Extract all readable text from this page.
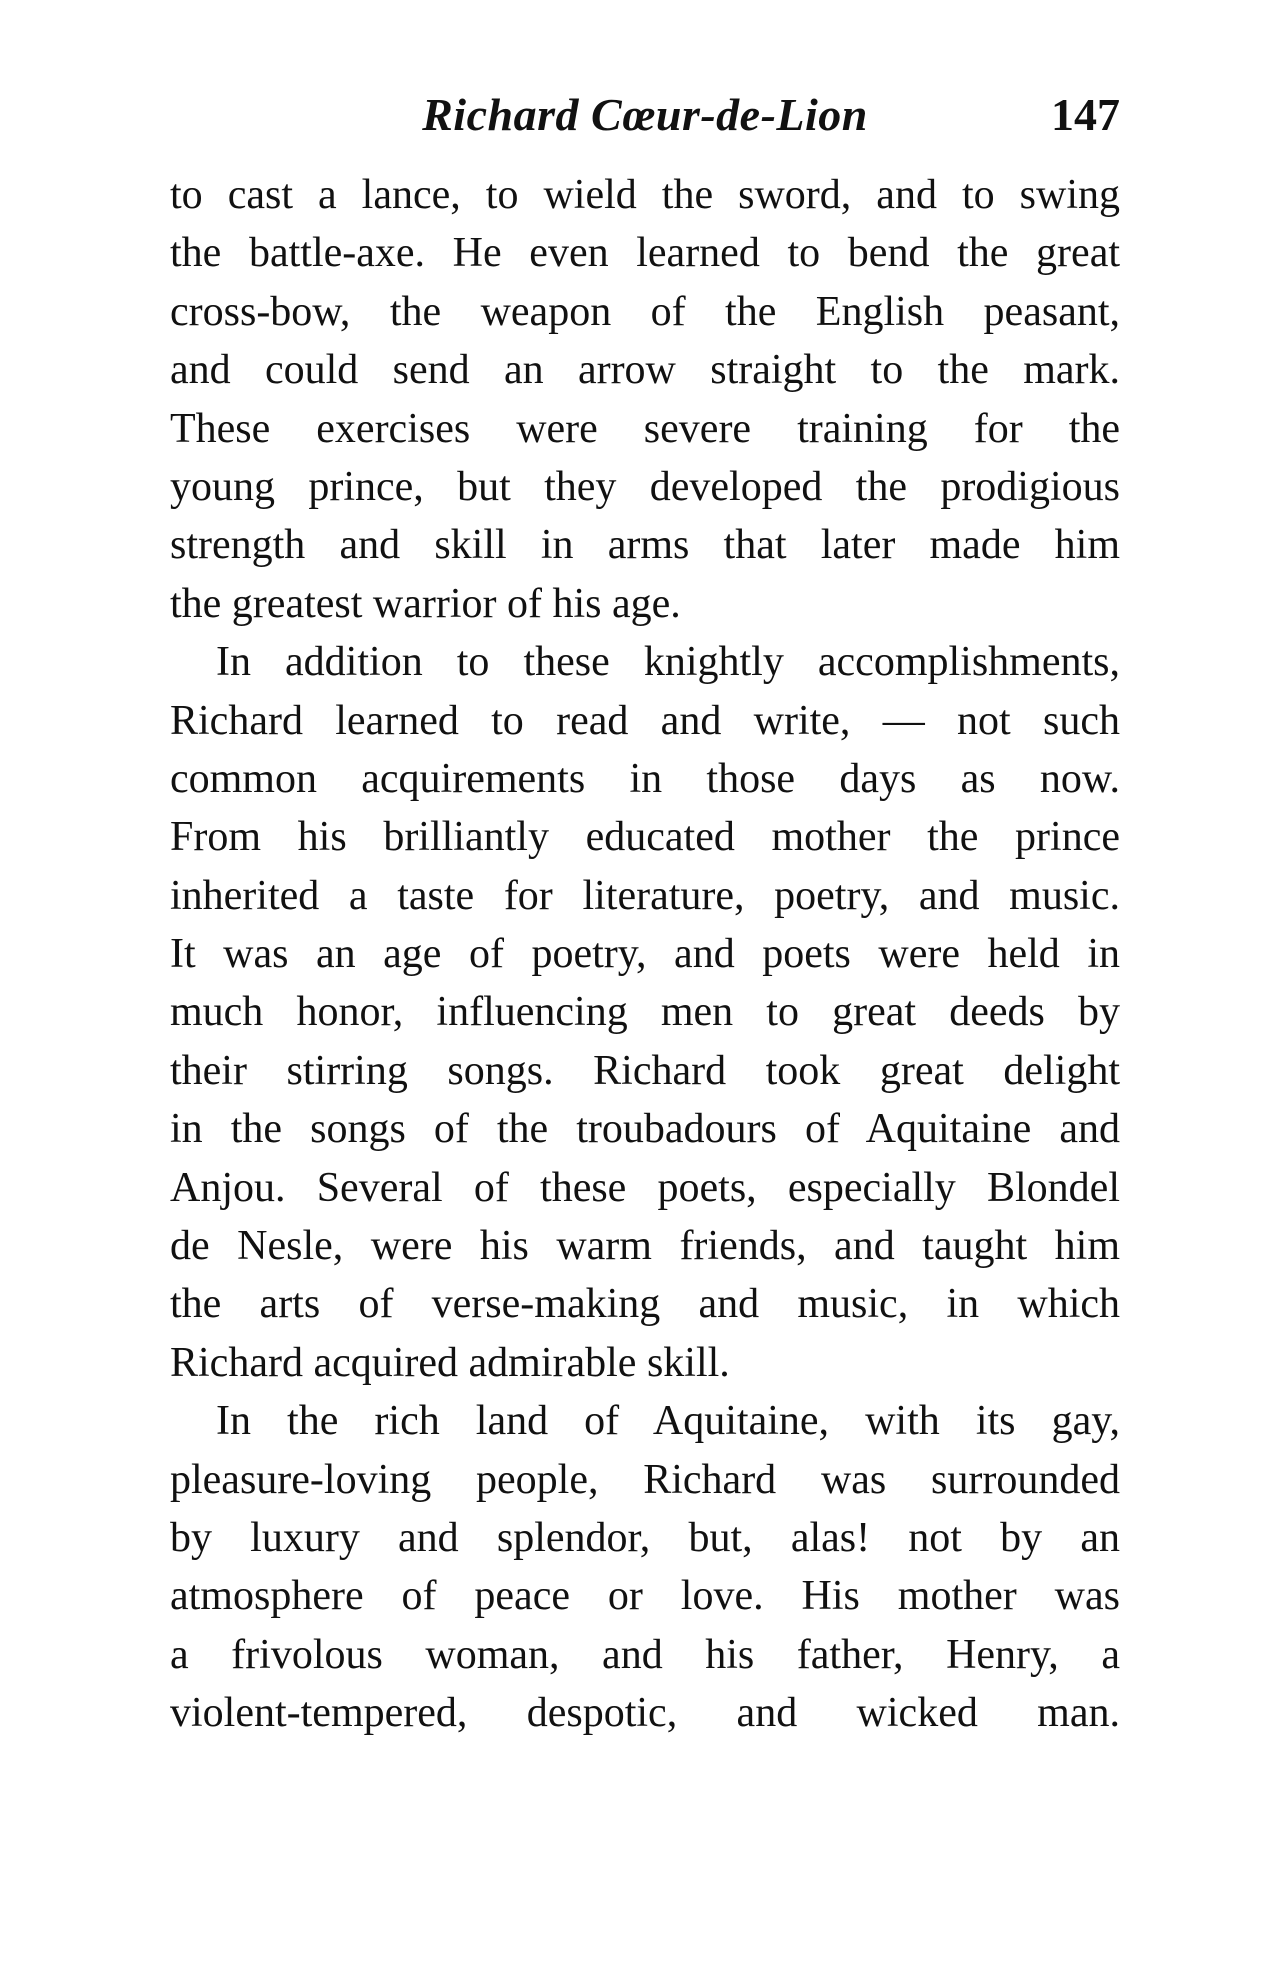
Richard Cœur-de-Lion	147
to cast a lance, to wield the sword, and to swing
the battle-axe. He even learned to bend the great
cross-bow, the weapon of the English peasant,
and could send an arrow straight to the mark.
These exercises were severe training for the
young prince, but they developed the prodigious
strength and skill in arms that later made him
the greatest warrior of his age.
In addition to these knightly accomplishments,
Richard learned to read and write, — not such
common acquirements in those days as now.
From his brilliantly educated mother the prince
inherited a taste for literature, poetry, and music.
It was an age of poetry, and poets were held in
much honor, influencing men to great deeds by
their stirring songs. Richard took great delight
in the songs of the troubadours of Aquitaine and
Anjou. Several of these poets, especially Blondel
de Nesle, were his warm friends, and taught him
the arts of verse-making and music, in which
Richard acquired admirable skill.
In the rich land of Aquitaine, with its gay,
pleasure-loving people, Richard was surrounded
by luxury and splendor, but, alas! not by an
atmosphere of peace or love. His mother was
a frivolous woman, and his father, Henry, a
violent-tempered, despotic, and wicked man.
